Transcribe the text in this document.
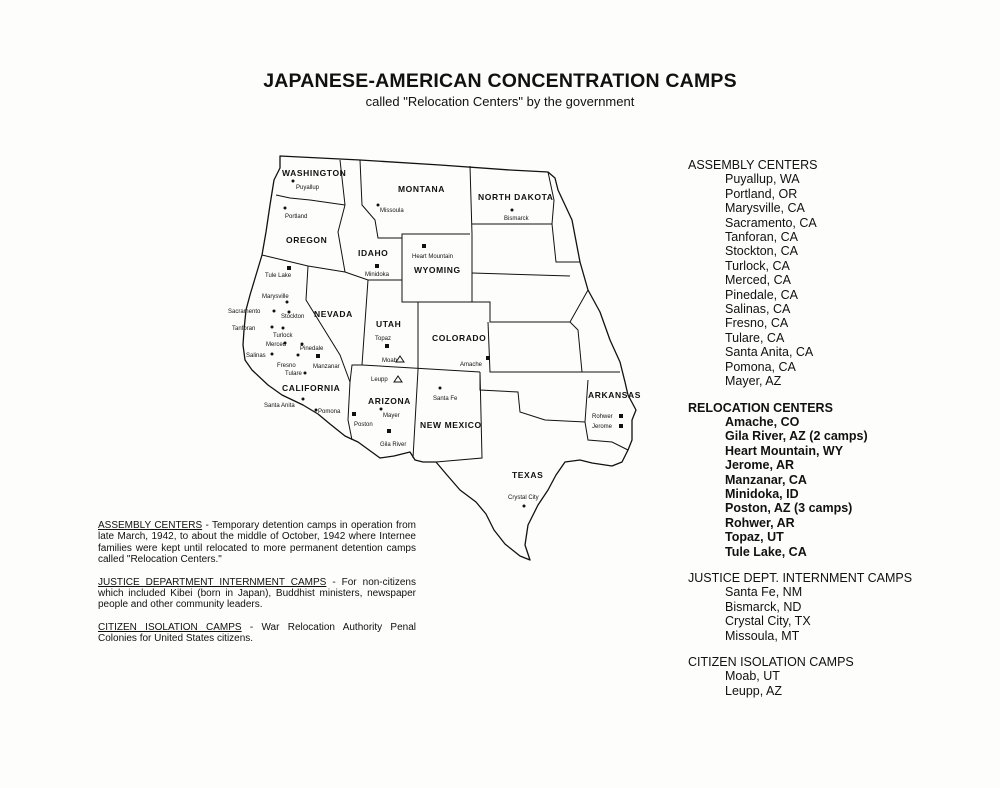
JAPANESE-AMERICAN CONCENTRATION CAMPS
called "Relocation Centers" by the government
WASHINGTON
OREGON
IDAHO
MONTANA
NORTH DAKOTA
WYOMING
NEVADA
UTAH
COLORADO
CALIFORNIA
ARIZONA
NEW MEXICO
ARKANSAS
TEXAS
Puyallup
Portland
Missoula
Bismarck
Heart Mountain
Minidoka
Tule Lake
Marysville
Sacramento
Stockton
Tanforan
Turlock
Merced
Pinedale
Salinas
Fresno	Manzanar
Tulare
Topaz
Moab
Amache
Leupp
Santa Fe
Mayer
Santa Anita
Pomona
Poston
Gila River
Rohwer
Jerome
Crystal City
ASSEMBLY CENTERS
Puyallup, WA
Portland, OR
Marysville, CA
Sacramento, CA
Tanforan, CA
Stockton, CA
Turlock, CA
Merced, CA
Pinedale, CA
Salinas, CA
Fresno, CA
Tulare, CA
Santa Anita, CA
Pomona, CA
Mayer, AZ
RELOCATION CENTERS
Amache, CO
Gila River, AZ (2 camps)
Heart Mountain, WY
Jerome, AR
Manzanar, CA
Minidoka, ID
Poston, AZ (3 camps)
Rohwer, AR
Topaz, UT
Tule Lake, CA
JUSTICE DEPT. INTERNMENT CAMPS
Santa Fe, NM
Bismarck, ND
Crystal City, TX
Missoula, MT
CITIZEN ISOLATION CAMPS
Moab, UT
Leupp, AZ

ASSEMBLY CENTERS - Temporary detention camps in operation from late March, 1942, to about the middle of October, 1942 where Internee families were kept until relocated to more permanent detention camps called "Relocation Centers."

JUSTICE DEPARTMENT INTERNMENT CAMPS - For non-citizens which included Kibei (born in Japan), Buddhist ministers, newspaper people and other community leaders.

CITIZEN ISOLATION CAMPS - War Relocation Authority Penal Colonies for United States citizens.
